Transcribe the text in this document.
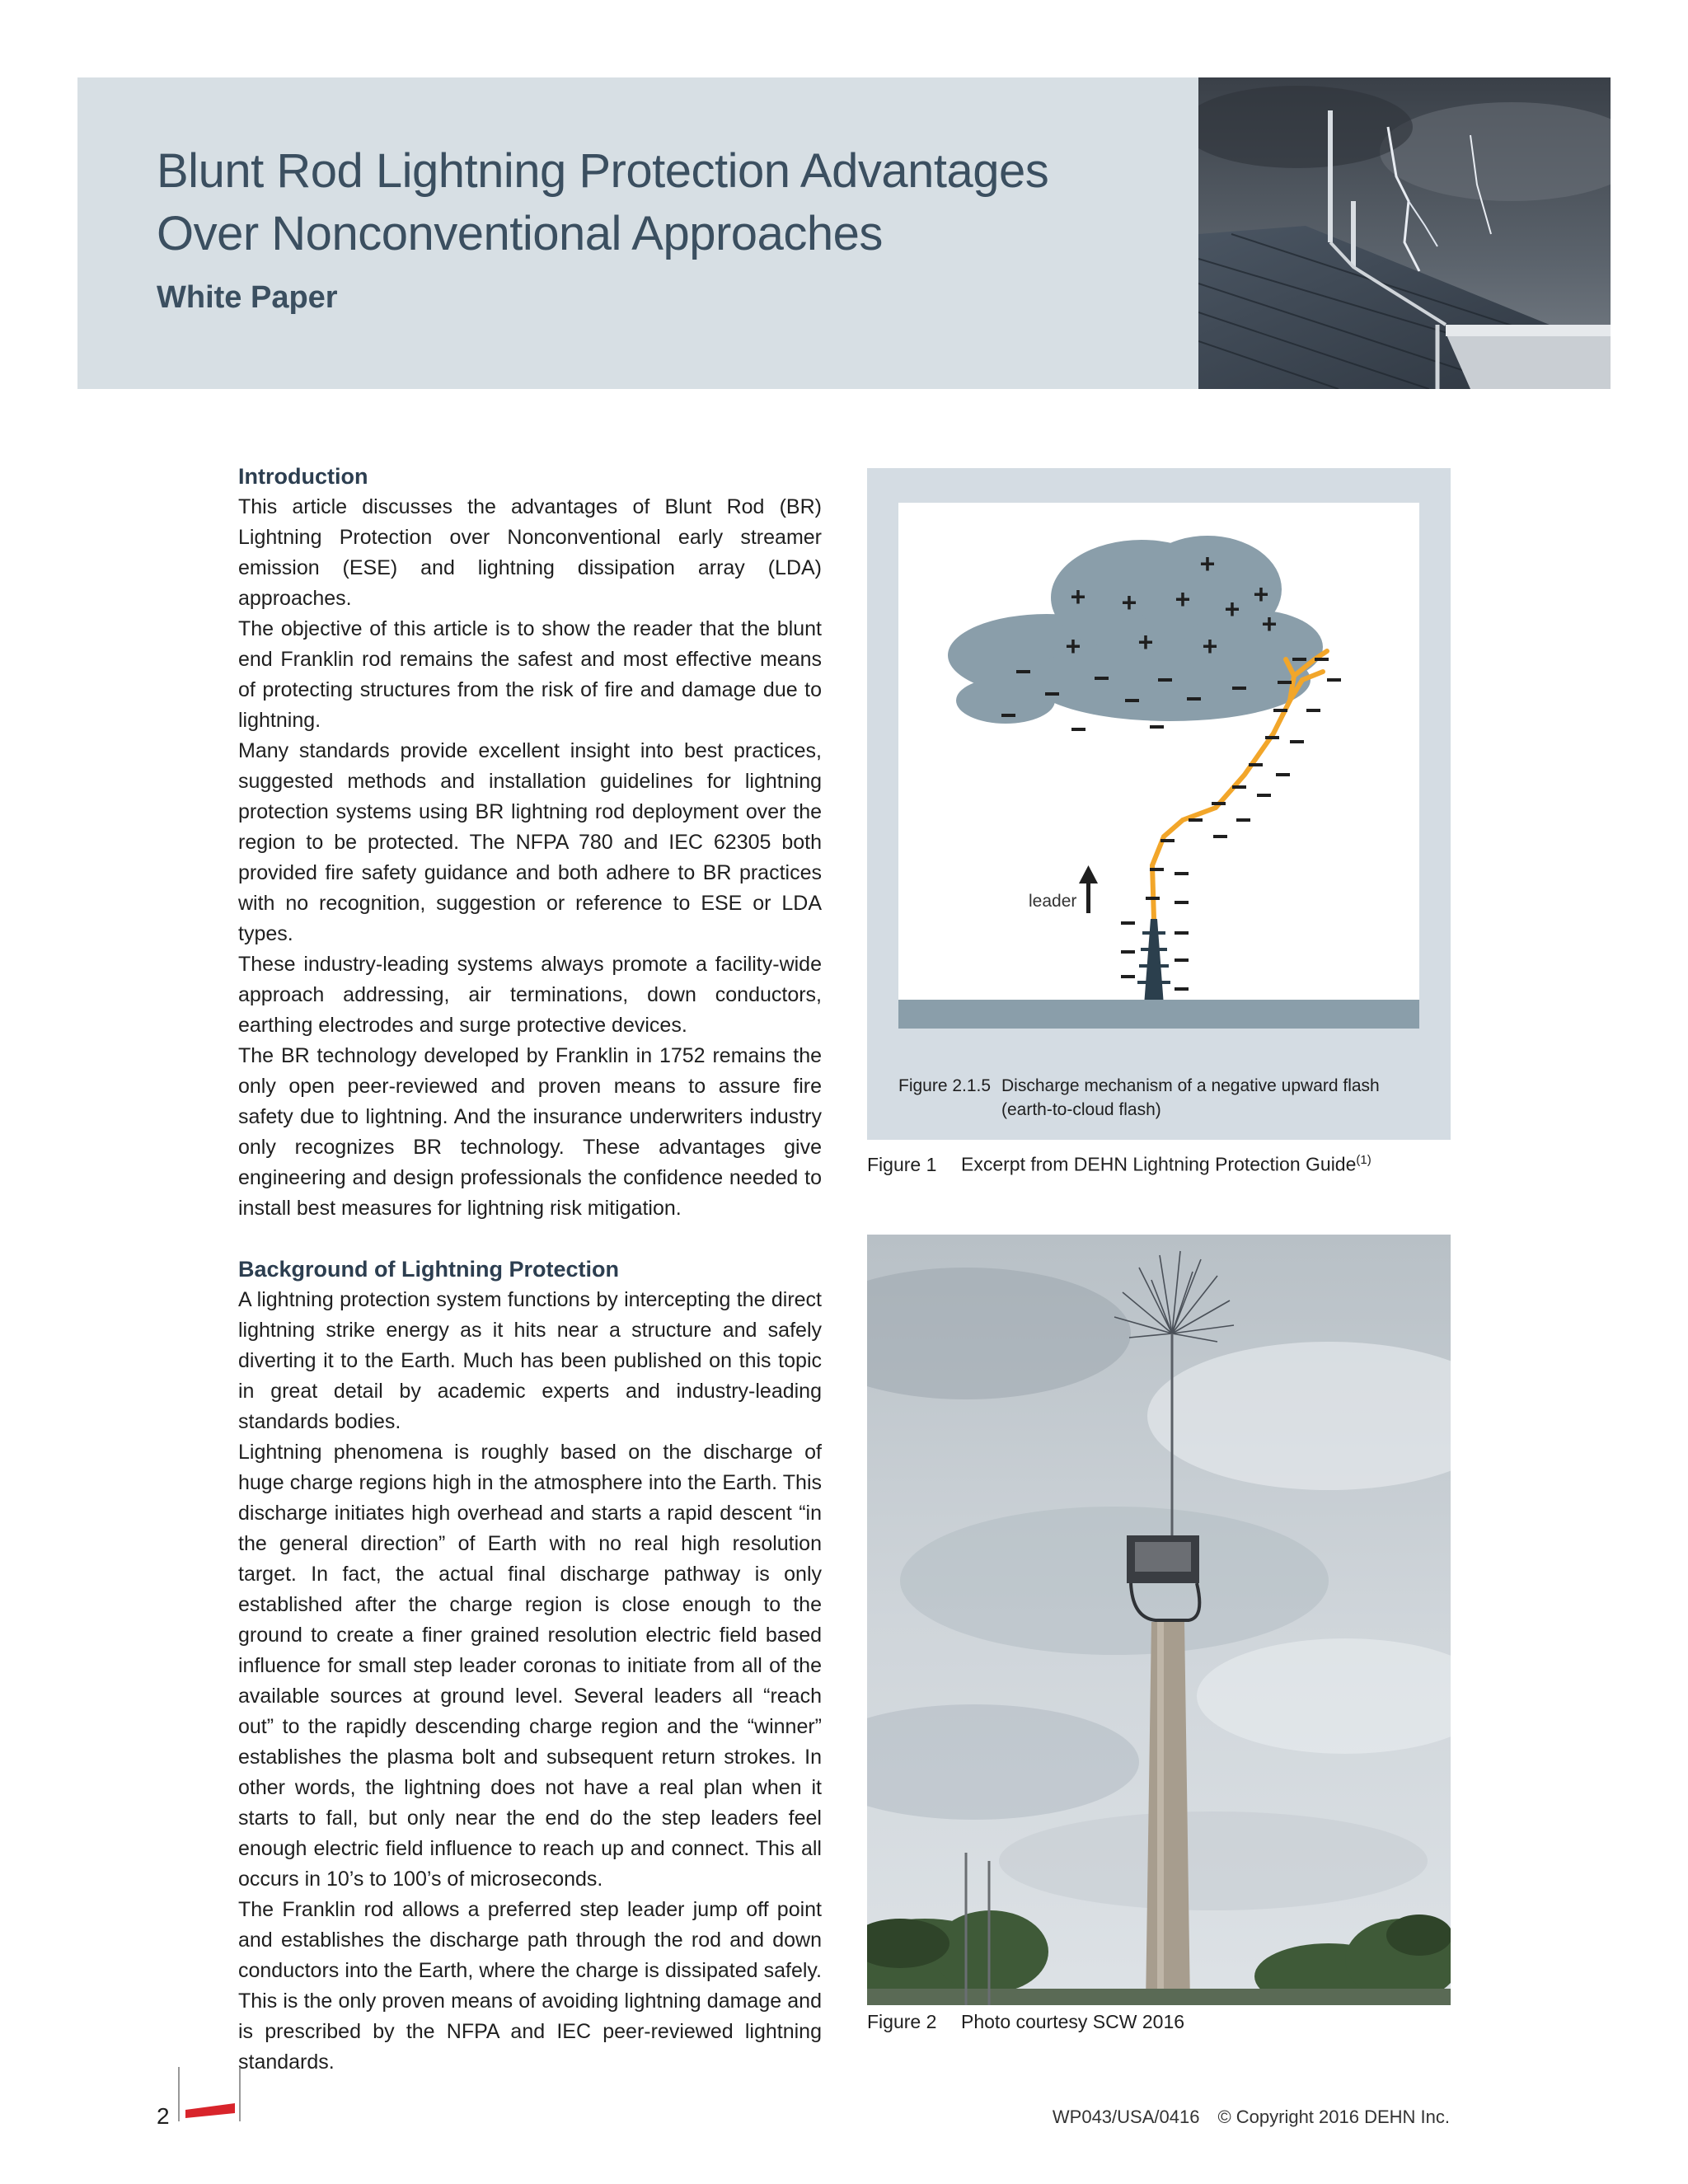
Blunt Rod Lightning Protection Advantages
Over Nonconventional Approaches
White Paper
Introduction

This article discusses the advantages of Blunt Rod (BR) Lightning Protection over Nonconventional early streamer emission (ESE) and lightning dissipation array (LDA) approaches.

The objective of this article is to show the reader that the blunt end Franklin rod remains the safest and most effective means of protecting structures from the risk of fire and damage due to lightning.

Many standards provide excellent insight into best practices, suggested methods and installation guidelines for lightning protection systems using BR lightning rod deployment over the region to be protected. The NFPA 780 and IEC 62305 both provided fire safety guidance and both adhere to BR practices with no recognition, suggestion or reference to ESE or LDA types.

These industry-leading systems always promote a facility-wide approach addressing, air terminations, down conductors, earthing electrodes and surge protective devices.

The BR technology developed by Franklin in 1752 remains the only open peer-reviewed and proven means to assure fire safety due to lightning. And the insurance underwriters industry only recognizes BR technology. These advantages give engineering and design professionals the confidence needed to install best measures for lightning risk mitigation.

Background of Lightning Protection

A lightning protection system functions by intercepting the direct lightning strike energy as it hits near a structure and safely diverting it to the Earth. Much has been published on this topic in great detail by academic experts and industry-leading standards bodies.

Lightning phenomena is roughly based on the discharge of huge charge regions high in the atmosphere into the Earth. This discharge initiates high overhead and starts a rapid descent “in the general direction” of Earth with no real high resolution target. In fact, the actual final discharge pathway is only established after the charge region is close enough to the ground to create a finer grained resolution electric field based influence for small step leader coronas to initiate from all of the available sources at ground level. Several leaders all “reach out” to the rapidly descending charge region and the “winner” establishes the plasma bolt and subsequent return strokes. In other words, the lightning does not have a real plan when it starts to fall, but only near the end do the step leaders feel enough electric field influence to reach up and connect. This all occurs in 10’s to 100’s of microseconds.

The Franklin rod allows a preferred step leader jump off point and establishes the discharge path through the rod and down conductors into the Earth, where the charge is dissipated safely. This is the only proven means of avoiding lightning damage and is prescribed by the NFPA and IEC peer-reviewed lightning standards.

+
+ + + + +
+
+ + +
leader
Figure 2.1.5 Discharge mechanism of a negative upward flash (earth-to-cloud flash)
Figure 1 Excerpt from DEHN Lightning Protection Guide$^{(1)}$
Figure 2 Photo courtesy SCW 2016
2	WP043/USA/0416 © Copyright 2016 DEHN Inc.
